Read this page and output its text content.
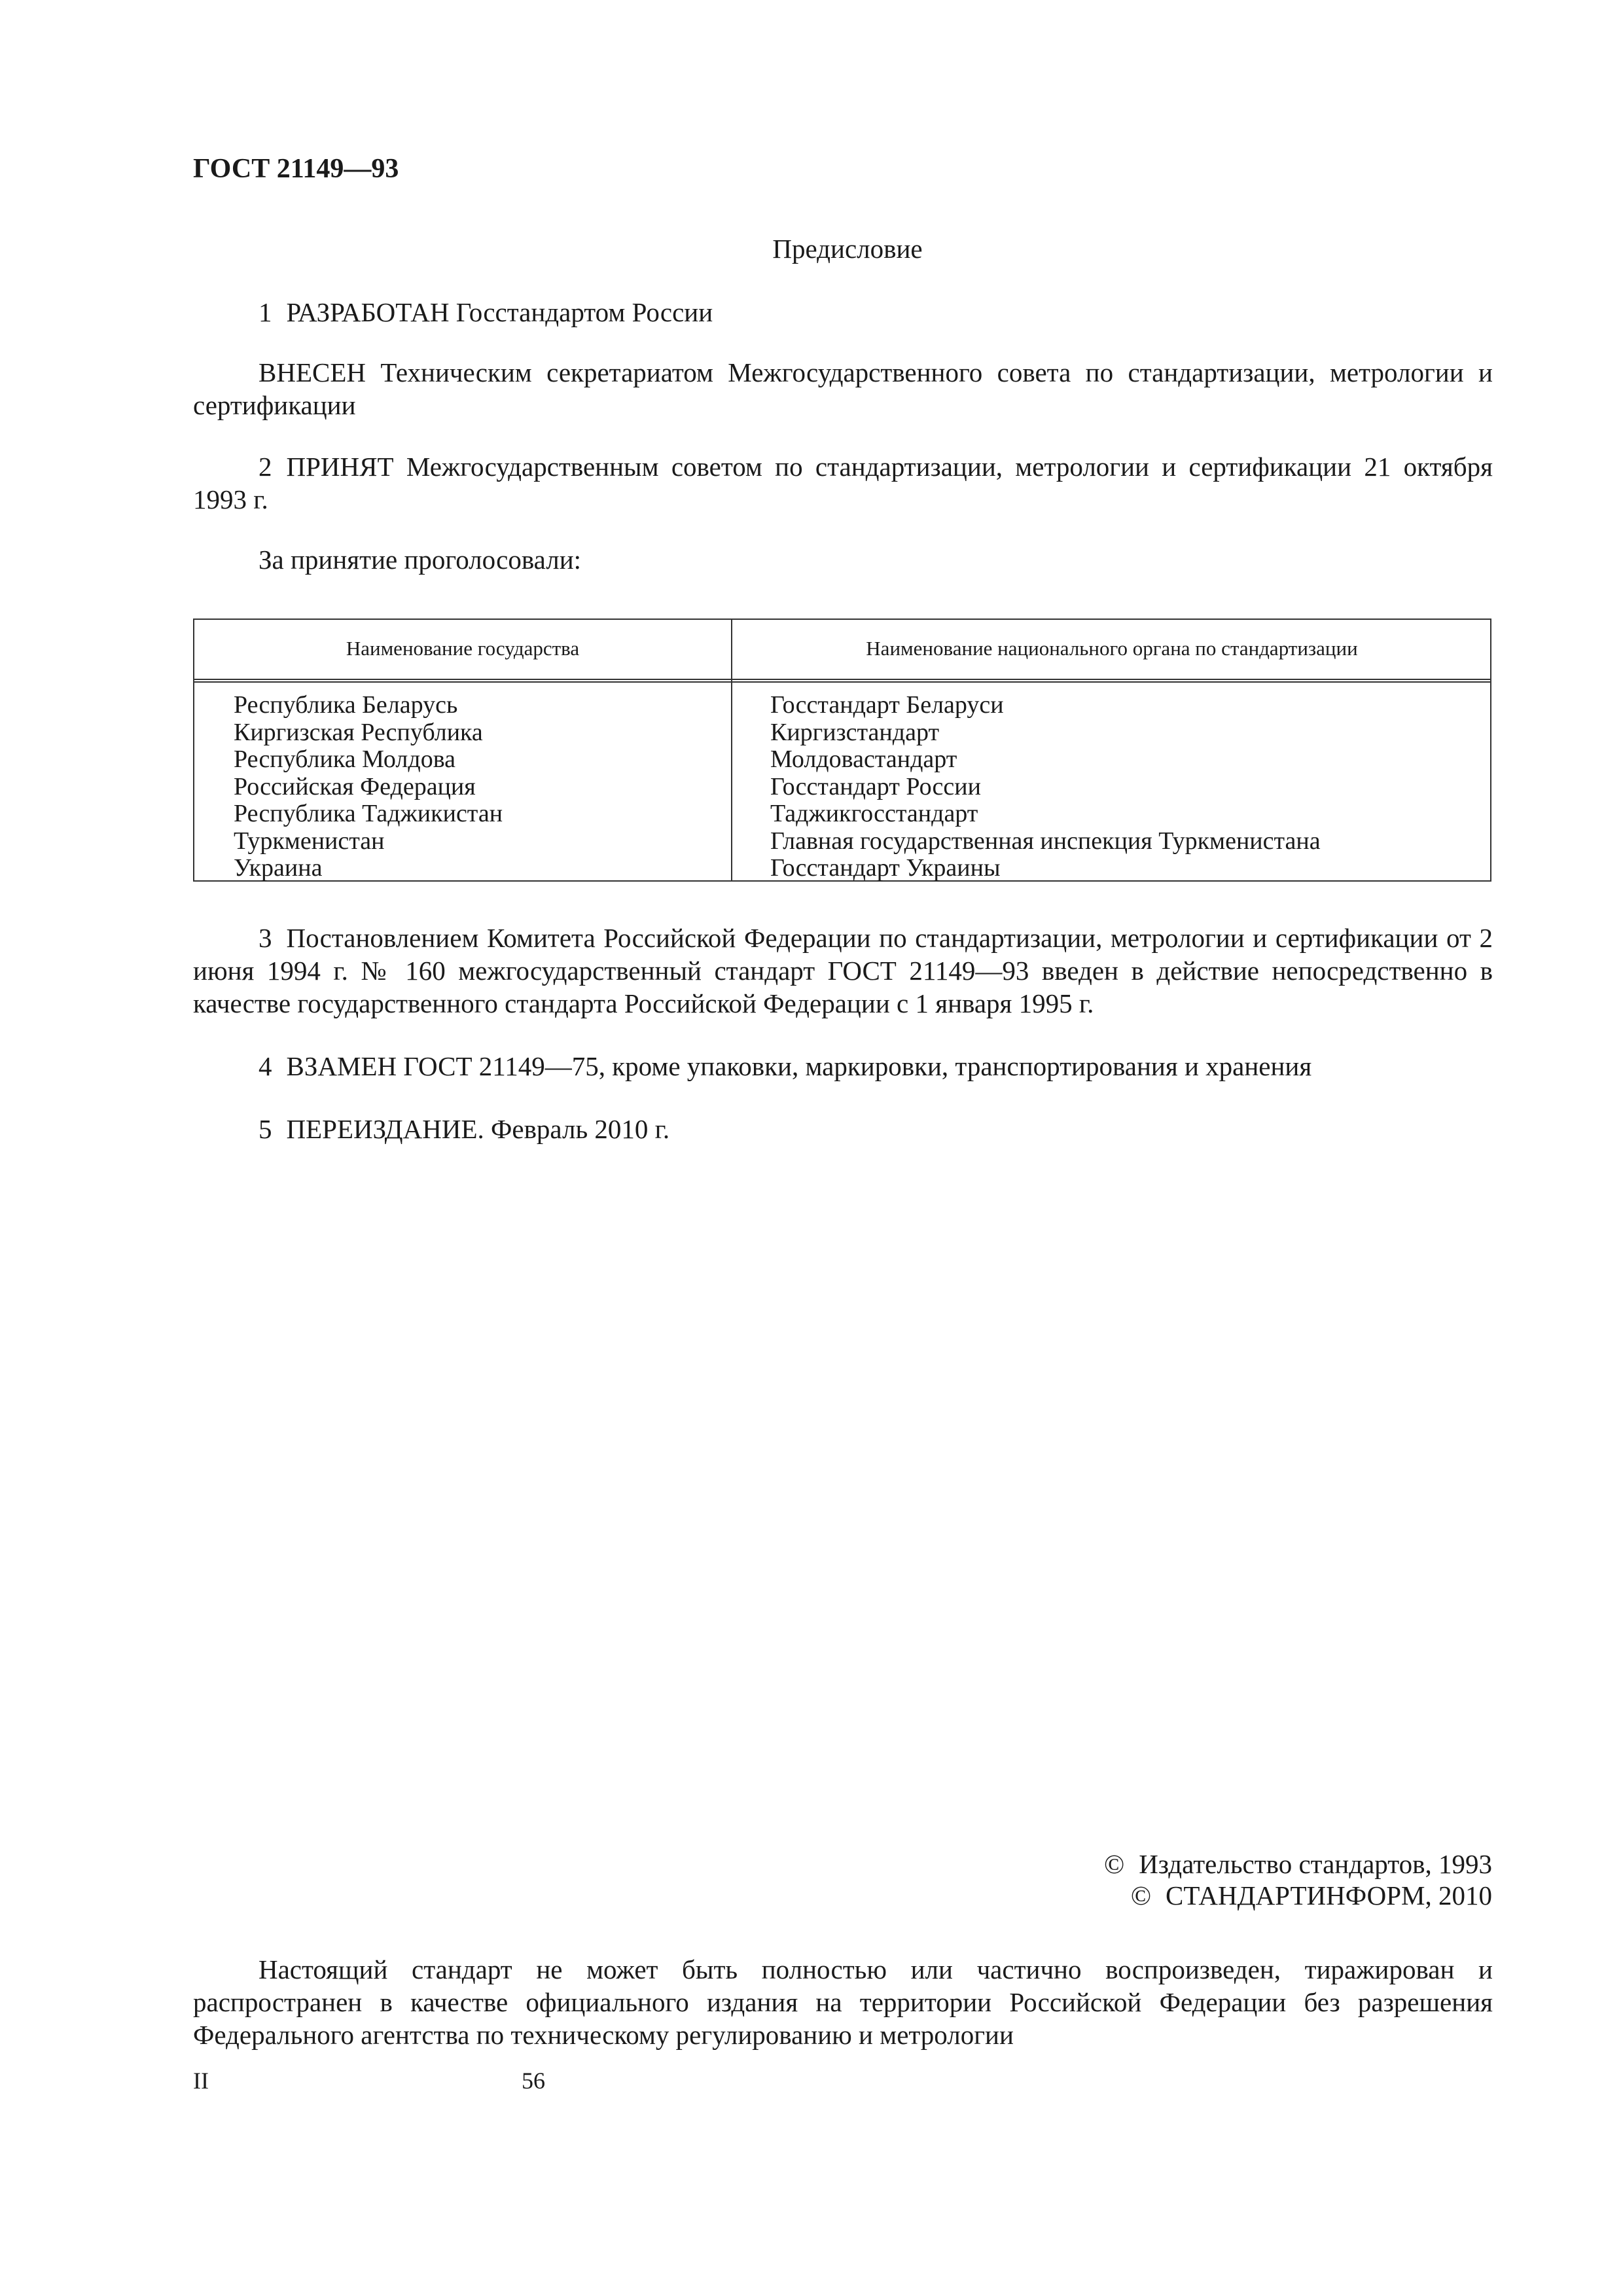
ГОСТ 21149—93
Предисловие
1 РАЗРАБОТАН Госстандартом России
ВНЕСЕН Техническим секретариатом Межгосударственного совета по стандартизации, метрологии и сертификации
2 ПРИНЯТ Межгосударственным советом по стандартизации, метрологии и сертификации 21 октября 1993 г.
За принятие проголосовали:
Наименование государства	Наименование национального органа по стандартизации
Республика Беларусь
Киргизская Республика
Республика Молдова
Российская Федерация
Республика Таджикистан
Туркменистан
Украина
Госстандарт Беларуси
Киргизстандарт
Молдовастандарт
Госстандарт России
Таджикгосстандарт
Главная государственная инспекция Туркменистана
Госстандарт Украины
3 Постановлением Комитета Российской Федерации по стандартизации, метрологии и сертификации от 2 июня 1994 г. № 160 межгосударственный стандарт ГОСТ 21149—93 введен в действие непосредственно в качестве государственного стандарта Российской Федерации с 1 января 1995 г.
4 ВЗАМЕН ГОСТ 21149—75, кроме упаковки, маркировки, транспортирования и хранения
5 ПЕРЕИЗДАНИЕ. Февраль 2010 г.
© Издательство стандартов, 1993
© СТАНДАРТИНФОРМ, 2010
Настоящий стандарт не может быть полностью или частично воспроизведен, тиражирован и распространен в качестве официального издания на территории Российской Федерации без разрешения Федерального агентства по техническому регулированию и метрологии
II	56
